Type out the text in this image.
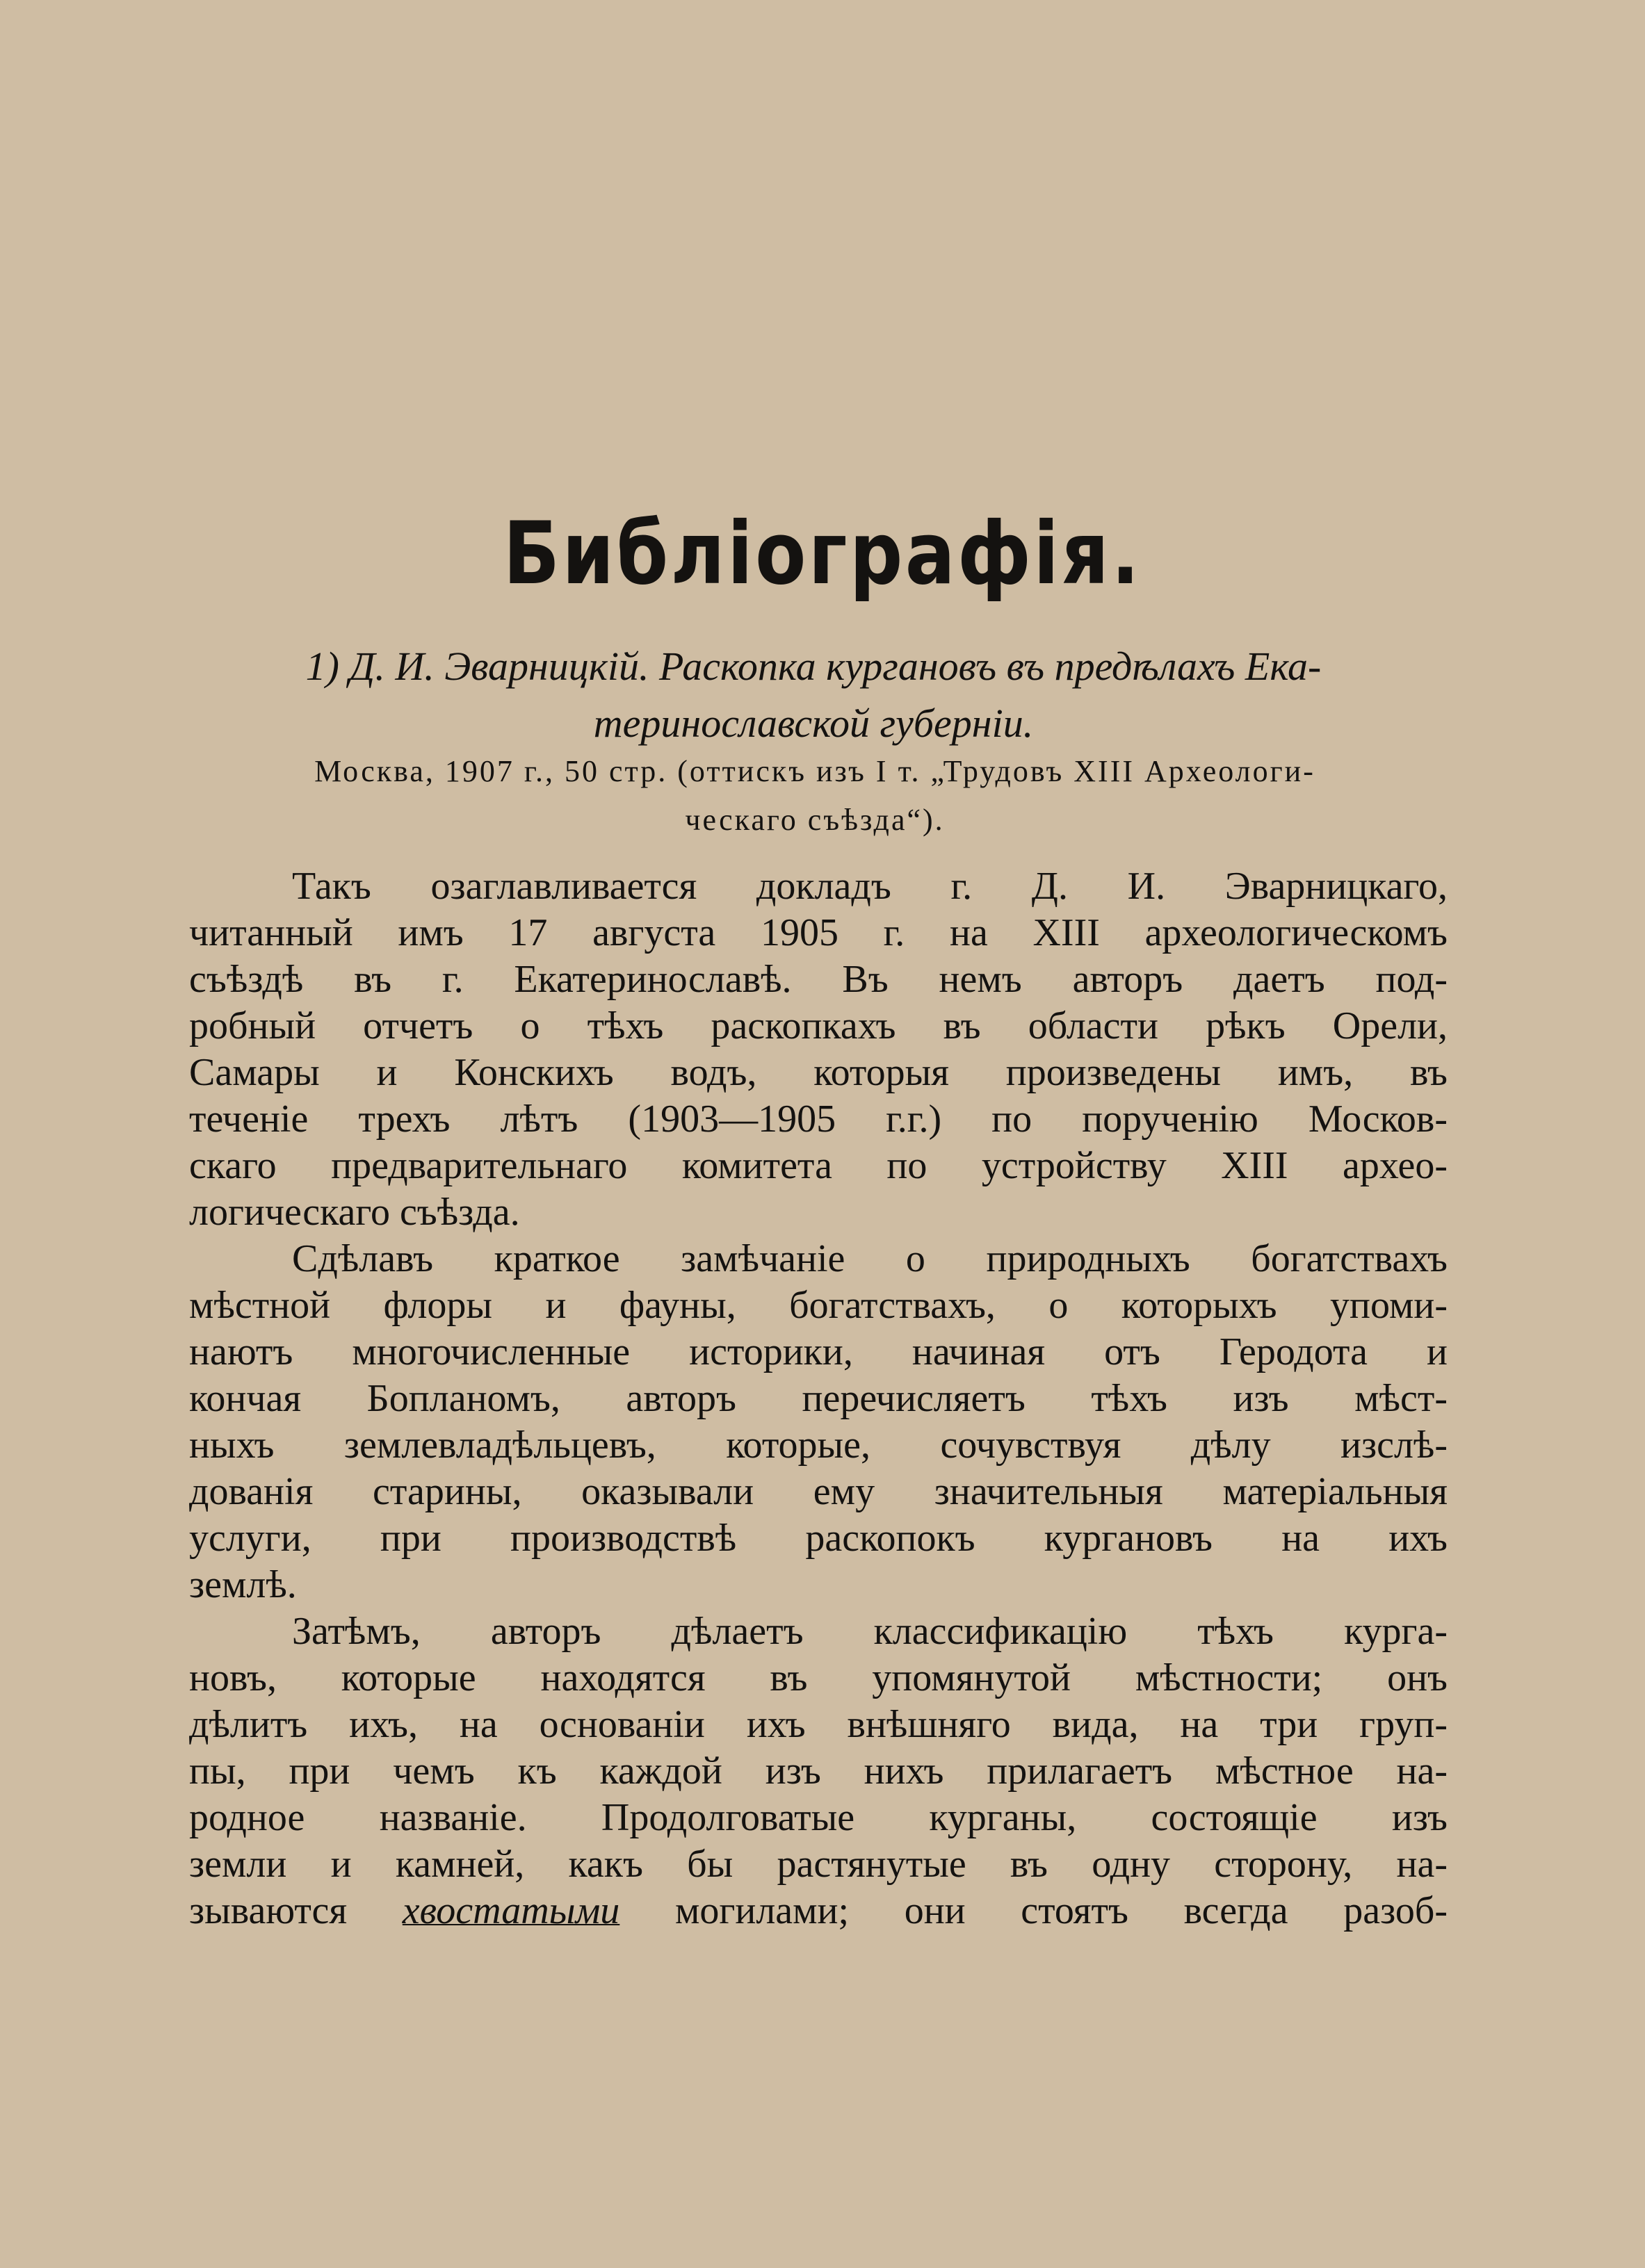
Библіографія.
1) Д. И. Эварницкій. Раскопка кургановъ въ предѣлахъ Ека-
теринославской губерніи.
Москва, 1907 г., 50 стр. (оттискъ изъ I т. „Трудовъ XIII Археологи-
ческаго съѣзда“).

Такъ озаглавливается докладъ г. Д. И. Эварницкаго,
читанный имъ 17 августа 1905 г. на XIII археологическомъ
съѣздѣ въ г. Екатеринославѣ. Въ немъ авторъ даетъ под-
робный отчетъ о тѣхъ раскопкахъ въ области рѣкъ Орели,
Самары и Конскихъ водъ, которыя произведены имъ, въ
теченіе трехъ лѣтъ (1903—1905 г.г.) по порученію Москов-
скаго предварительнаго комитета по устройству XIII архео-
логическаго съѣзда.

Сдѣлавъ краткое замѣчаніе о природныхъ богатствахъ
мѣстной флоры и фауны, богатствахъ, о которыхъ упоми-
наютъ многочисленные историки, начиная отъ Геродота и
кончая Бопланомъ, авторъ перечисляетъ тѣхъ изъ мѣст-
ныхъ землевладѣльцевъ, которые, сочувствуя дѣлу изслѣ-
дованія старины, оказывали ему значительныя матеріальныя
услуги, при производствѣ раскопокъ кургановъ на ихъ
землѣ.

Затѣмъ, авторъ дѣлаетъ классификацію тѣхъ курга-
новъ, которые находятся въ упомянутой мѣстности; онъ
дѣлитъ ихъ, на основаніи ихъ внѣшняго вида, на три груп-
пы, при чемъ къ каждой изъ нихъ прилагаетъ мѣстное на-
родное названіе. Продолговатые курганы, состоящіе изъ
земли и камней, какъ бы растянутые въ одну сторону, на-
зываются хвостатыми могилами; они стоятъ всегда разоб-
